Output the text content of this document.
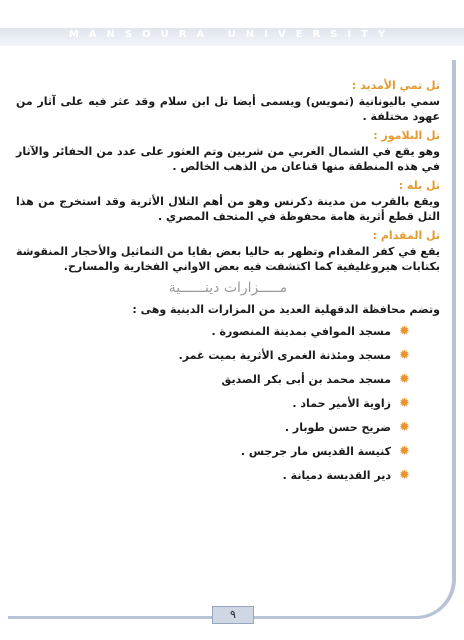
MANSOURA UNIVERSITY

تل تمي الأمديد :

سمي باليونانية (تمويس) ويسمى أيضا تل ابن سلام وقد عثر فيه على آثار من عهود مختلفة .

تل البلاموز :

وهو يقع في الشمال الغربي من شربين وتم العثور على عدد من الحفائر والآثار في هذه المنطقة منها قناعان من الذهب الخالص .

تل بله :

ويقع بالقرب من مدينة دكرنس وهو من أهم التلال الأثرية وقد استخرج من هذا التل قطع أثرية هامة محفوظة في المتحف المصري .

تل المقدام :

يقع في كفر المقدام وتظهر به حاليا بعض بقايا من التماثيل والأحجار المنقوشة بكتابات هيروغليفية كما اكتشفت فيه بعض الاواني الفخارية والمسارح.

مـــــزارات دينــــــية

وتضم محافظة الدقهلية العديد من المزارات الدينية وهى :

✹
مسجد الموافي بمدينة المنصورة .
✹
مسجد ومئذنة الغمرى الأثرية بميت غمر.
✹
مسجد محمد بن أبى بكر الصديق
✹
زاوية الأمير حماد .
✹
ضريح حسن طوبار .
✹
كنيسة القديس مار جرجس .
✹
دير القديسة دميانة .
٩
